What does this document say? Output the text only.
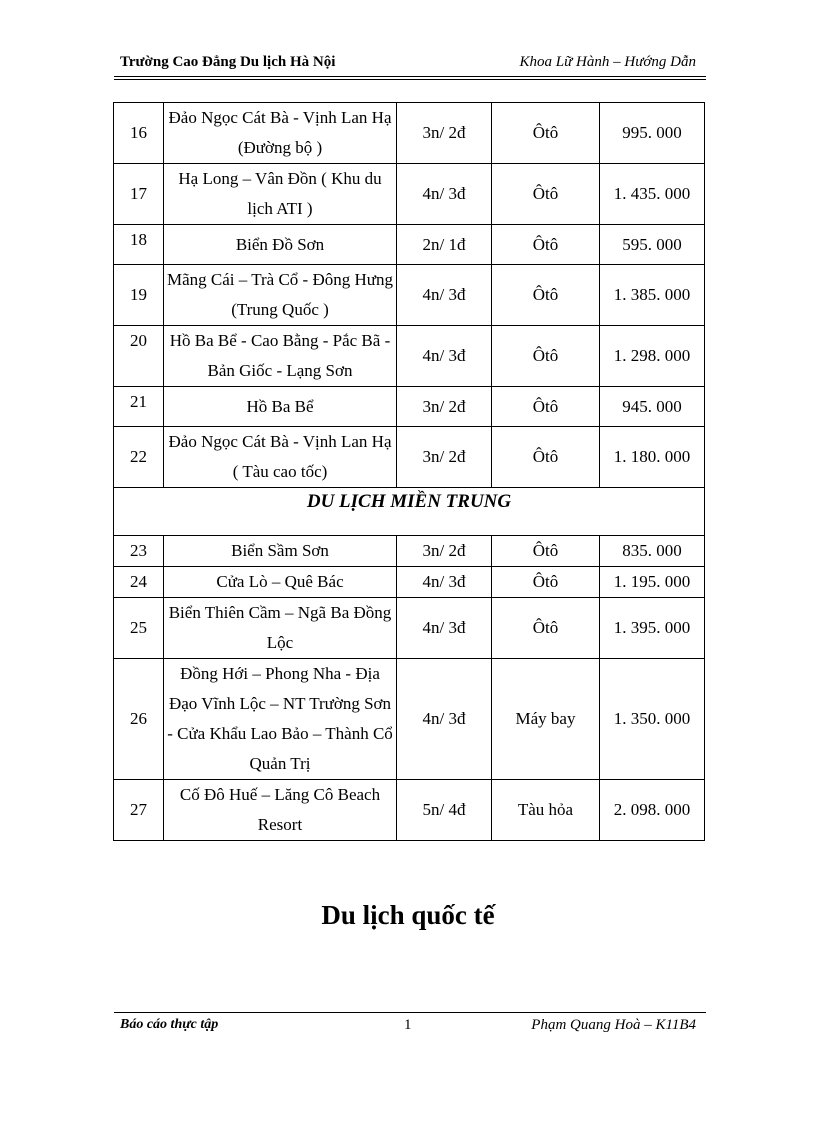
Trường Cao Đẳng Du lịch Hà Nội	Khoa Lữ Hành – Hướng Dẫn
16	Đảo Ngọc Cát Bà - Vịnh Lan Hạ (Đường bộ )	3n/ 2đ	Ôtô	995. 000
17	Hạ Long – Vân Đồn ( Khu du lịch ATI )	4n/ 3đ	Ôtô	1. 435. 000
18	Biển Đồ Sơn	2n/ 1đ	Ôtô	595. 000
19	Mãng Cái – Trà Cổ - Đông Hưng (Trung Quốc )	4n/ 3đ	Ôtô	1. 385. 000
20	Hồ Ba Bể - Cao Bằng - Pắc Bã - Bản Giốc - Lạng Sơn	4n/ 3đ	Ôtô	1. 298. 000
21	Hồ Ba Bể	3n/ 2đ	Ôtô	945. 000
22	Đảo Ngọc Cát Bà - Vịnh Lan Hạ ( Tàu cao tốc)	3n/ 2đ	Ôtô	1. 180. 000
DU LỊCH MIỀN TRUNG				
23	Biển Sầm Sơn	3n/ 2đ	Ôtô	835. 000
24	Cửa Lò – Quê Bác	4n/ 3đ	Ôtô	1. 195. 000
25	Biển Thiên Cầm – Ngã Ba Đồng Lộc	4n/ 3đ	Ôtô	1. 395. 000
26	Đồng Hới – Phong Nha - Địa Đạo Vĩnh Lộc – NT Trường Sơn - Cửa Khẩu Lao Bảo – Thành Cổ Quản Trị	4n/ 3đ	Máy bay	1. 350. 000
27	Cố Đô Huế – Lăng Cô Beach Resort	5n/ 4đ	Tàu hỏa	2. 098. 000
Du lịch quốc tế
Báo cáo thực tập	1	Phạm Quang Hoà – K11B4
